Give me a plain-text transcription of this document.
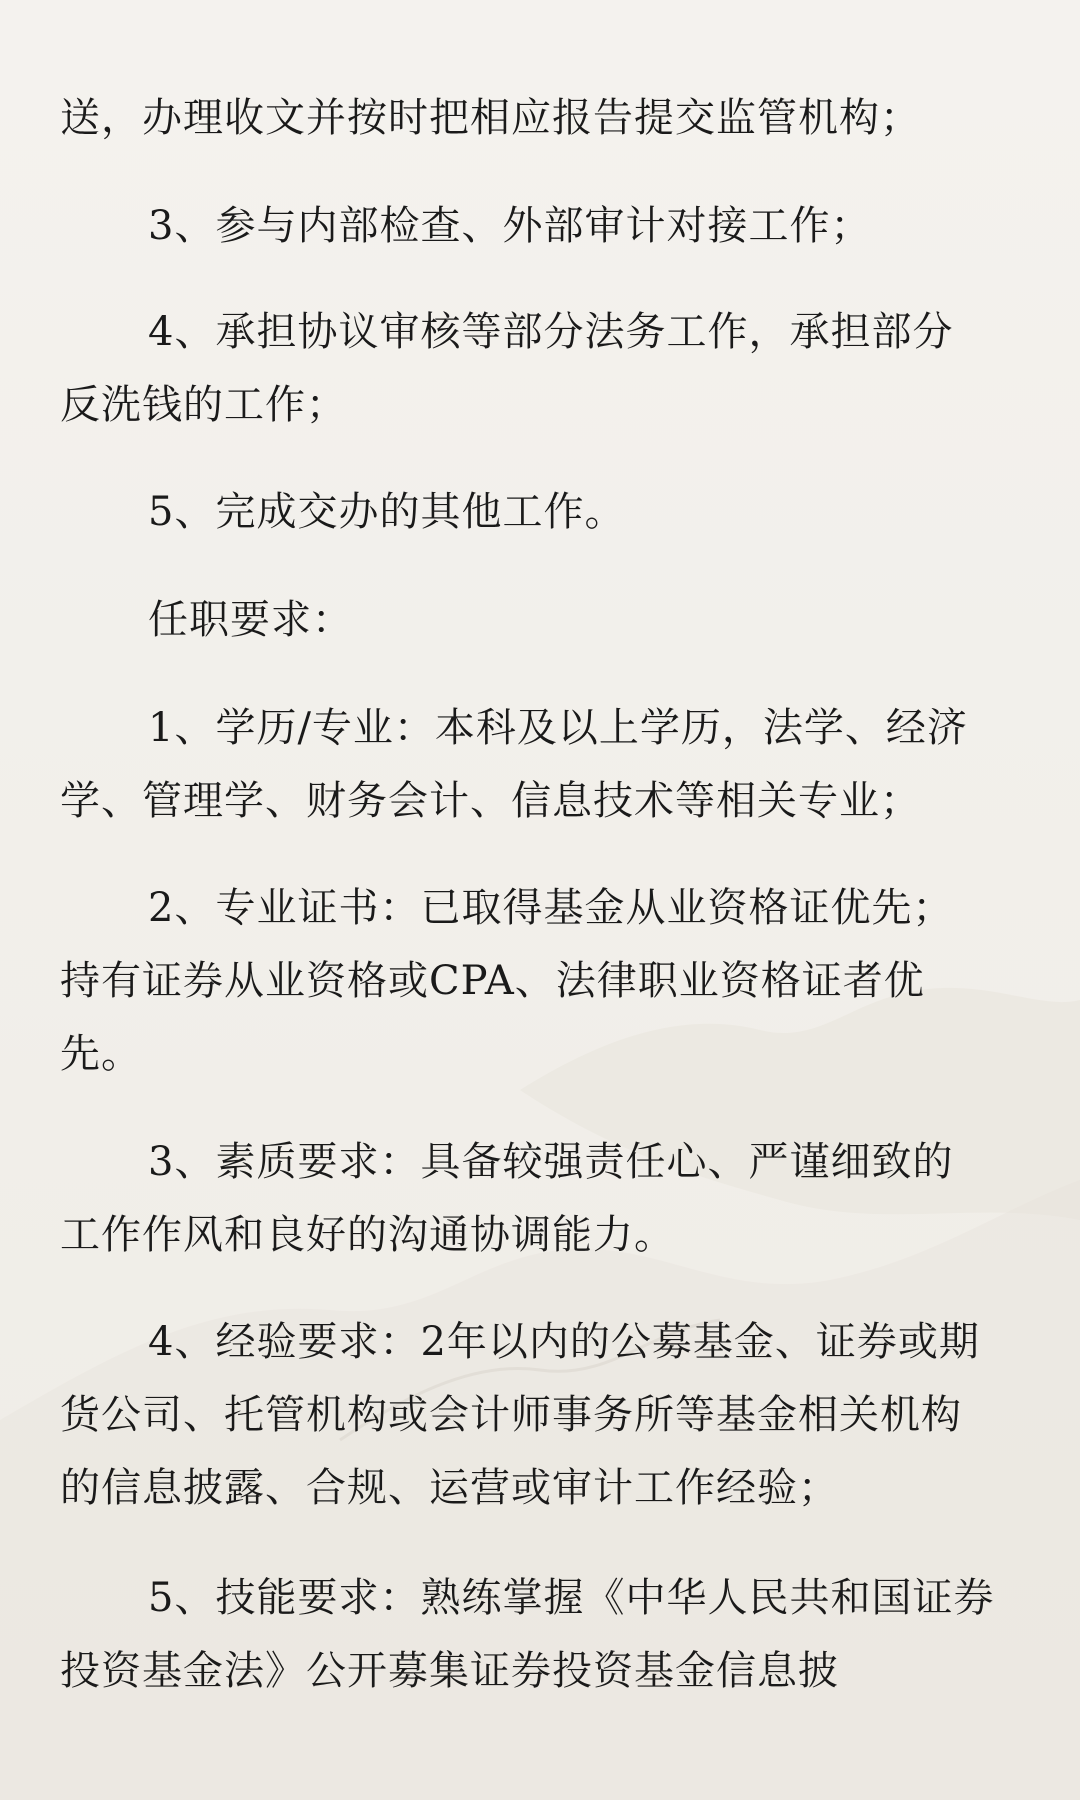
送，办理收文并按时把相应报告提交监管机构；
3、参与内部检查、外部审计对接工作；
4、承担协议审核等部分法务工作，承担部分
反洗钱的工作；
5、完成交办的其他工作。
任职要求：
1、学历/专业：本科及以上学历，法学、经济
学、管理学、财务会计、信息技术等相关专业；
2、专业证书：已取得基金从业资格证优先；
持有证券从业资格或CPA、法律职业资格证者优
先。
3、素质要求：具备较强责任心、严谨细致的
工作作风和良好的沟通协调能力。
4、经验要求：2年以内的公募基金、证券或期
货公司、托管机构或会计师事务所等基金相关机构
的信息披露、合规、运营或审计工作经验；
5、技能要求：熟练掌握《中华人民共和国证券
投资基金法》公开募集证券投资基金信息披
